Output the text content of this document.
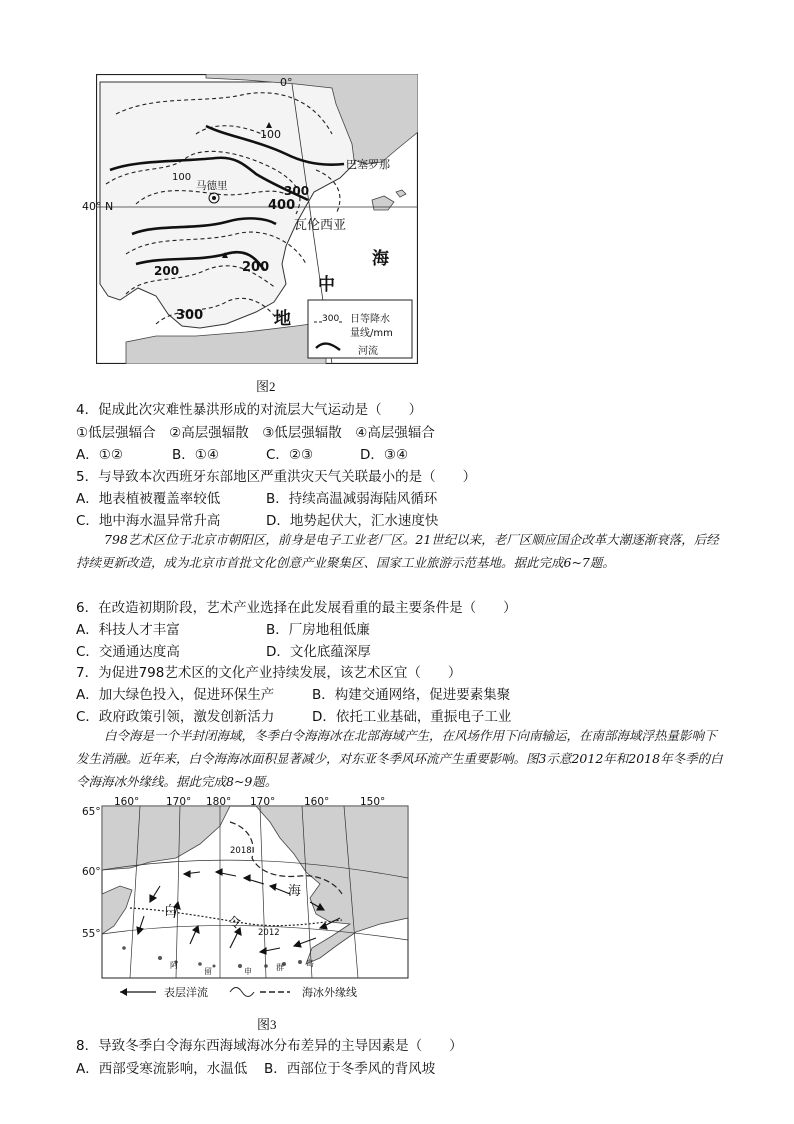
0°
40° N
巴塞罗那
马德里
瓦伦西亚
海
中
地
100
100
300
400
200	200
300	300 日等降水
量线/mm
河流
图2
4．促成此次灾难性暴洪形成的对流层大气运动是（　　）
①低层强辐合　②高层强辐散　③低层强辐散　④高层强辐合
A．①②	B．①④	C．②③	D．③④
5．与导致本次西班牙东部地区严重洪灾天气关联最小的是（　　）
A．地表植被覆盖率较低	B．持续高温减弱海陆风循环
C．地中海水温异常升高	D．地势起伏大，汇水速度快
798艺术区位于北京市朝阳区，前身是电子工业老厂区。21世纪以来，老厂区顺应国企改革大潮逐渐衰落，后经持续更新改造，成为北京市首批文化创意产业聚集区、国家工业旅游示范基地。据此完成6~7题。
6．在改造初期阶段，艺术产业选择在此发展看重的最主要条件是（　　）
A．科技人才丰富	B．厂房地租低廉
C．交通通达度高	D．文化底蕴深厚
7．为促进798艺术区的文化产业持续发展，该艺术区宜（　　）
A．加大绿色投入，促进环保生产	B．构建交通网络，促进要素集聚
C．政府政策引领，激发创新活力	D．依托工业基础，重振电子工业
白令海是一个半封闭海域，冬季白令海海冰在北部海域产生，在风场作用下向南输运，在南部海域浮热量影响下发生消融。近年来，白令海海冰面积显著减少，对东亚冬季风环流产生重要影响。图3示意2012年和2018年冬季的白令海海冰外缘线。据此完成8~9题。
160°	170° 180° 170°	160°	150°
65°
60°
55°
2018
2012
白
令
海
阿
留	申	群	岛
表层洋流	海冰外缘线
图3
8．导致冬季白令海东西海域海冰分布差异的主导因素是（　　）
A．西部受寒流影响，水温低 B．西部位于冬季风的背风坡
